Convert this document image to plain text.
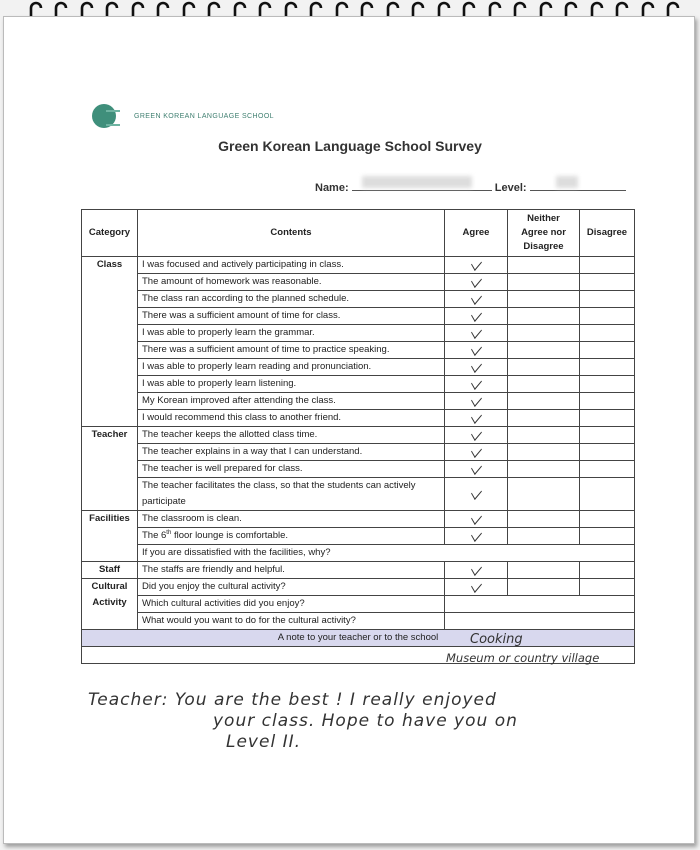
GREEN KOREAN LANGUAGE SCHOOL
Green Korean Language School Survey
Name:	Level:
Category	Contents	Agree	Neither
Agree nor
Disagree	Disagree
Class	I was focused and actively participating in class.			
	The amount of homework was reasonable.			
	The class ran according to the planned schedule.			
	There was a sufficient amount of time for class.			
	I was able to properly learn the grammar.			
	There was a sufficient amount of time to practice speaking.			
	I was able to properly learn reading and pronunciation.			
	I was able to properly learn listening.			
	My Korean improved after attending the class.			
	I would recommend this class to another friend.			
Teacher	The teacher keeps the allotted class time.			
	The teacher explains in a way that I can understand.			
	The teacher is well prepared for class.			
	The teacher facilitates the class, so that the students can actively participate			
Facilities	The classroom is clean.			
	The 6th floor lounge is comfortable.			
	If you are dissatisfied with the facilities, why?			
Staff	The staffs are friendly and helpful.			
Cultural
Activity	Did you enjoy the cultural activity?			
	Which cultural activities did you enjoy?			
	What would you want to do for the cultural activity?			
A note to your teacher or to the school				Cooking
Museum or country village
Teacher: You are the best ! I really enjoyed
your class. Hope to have you on
Level II.
